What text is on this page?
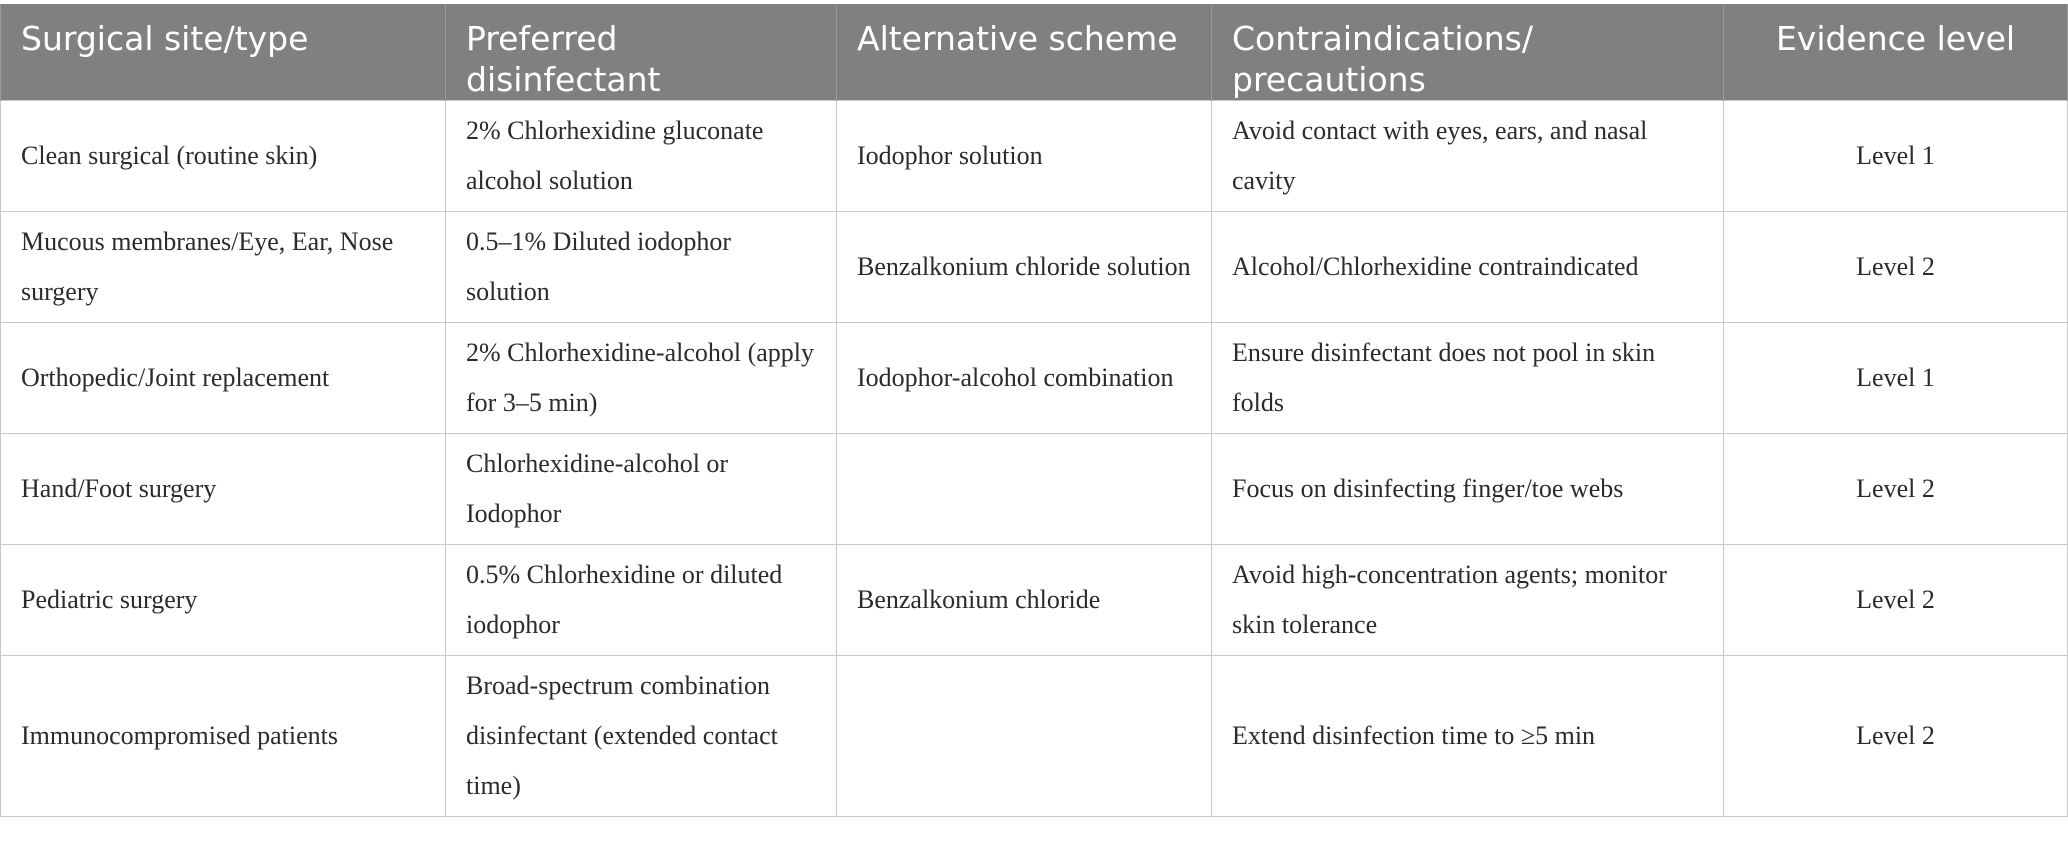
Surgical site/type	Preferred disinfectant	Alternative scheme	Contraindications/ precautions	Evidence level
Clean surgical (routine skin)	2% Chlorhexidine gluconate alcohol solution	Iodophor solution	Avoid contact with eyes, ears, and nasal cavity	Level 1
Mucous membranes/Eye, Ear, Nose surgery	0.5–1% Diluted iodophor solution	Benzalkonium chloride solution	Alcohol/Chlorhexidine contraindicated	Level 2
Orthopedic/Joint replacement	2% Chlorhexidine-alcohol (apply for 3–5 min)	Iodophor-alcohol combination	Ensure disinfectant does not pool in skin folds	Level 1
Hand/Foot surgery	Chlorhexidine-alcohol or Iodophor		Focus on disinfecting finger/toe webs	Level 2
Pediatric surgery	0.5% Chlorhexidine or diluted iodophor	Benzalkonium chloride	Avoid high-concentration agents; monitor skin tolerance	Level 2
Immunocompromised patients	Broad-spectrum combination disinfectant (extended contact time)		Extend disinfection time to ≥5 min	Level 2
